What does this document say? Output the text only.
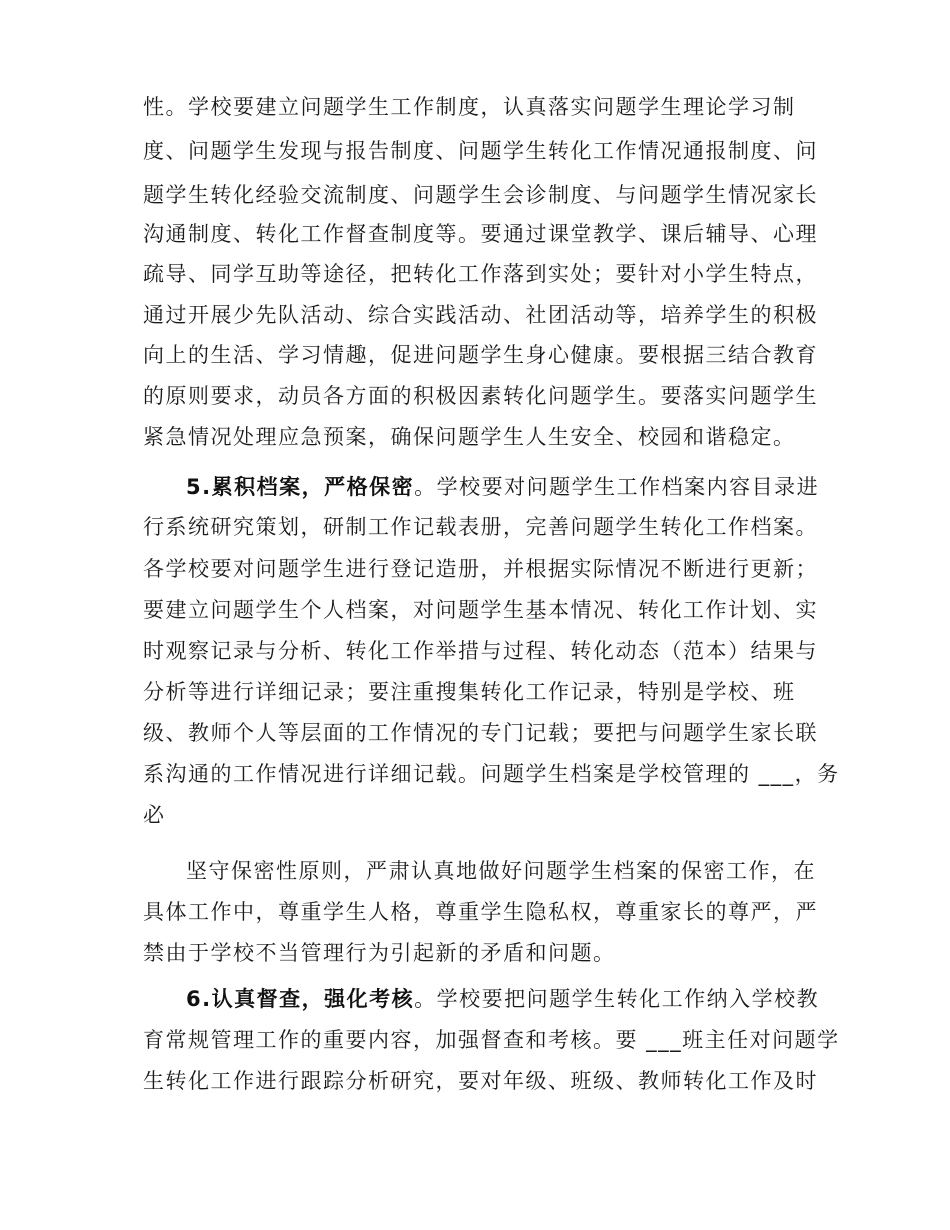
性。学校要建立问题学生工作制度，认真落实问题学生理论学习制
度、问题学生发现与报告制度、问题学生转化工作情况通报制度、问
题学生转化经验交流制度、问题学生会诊制度、与问题学生情况家长
沟通制度、转化工作督查制度等。要通过课堂教学、课后辅导、心理
疏导、同学互助等途径，把转化工作落到实处；要针对小学生特点，
通过开展少先队活动、综合实践活动、社团活动等，培养学生的积极
向上的生活、学习情趣，促进问题学生身心健康。要根据三结合教育
的原则要求，动员各方面的积极因素转化问题学生。要落实问题学生
紧急情况处理应急预案，确保问题学生人生安全、校园和谐稳定。
5.累积档案，严格保密。学校要对问题学生工作档案内容目录进
行系统研究策划，研制工作记载表册，完善问题学生转化工作档案。
各学校要对问题学生进行登记造册，并根据实际情况不断进行更新；
要建立问题学生个人档案，对问题学生基本情况、转化工作计划、实
时观察记录与分析、转化工作举措与过程、转化动态（范本）结果与
分析等进行详细记录；要注重搜集转化工作记录，特别是学校、班
级、教师个人等层面的工作情况的专门记载；要把与问题学生家长联
系沟通的工作情况进行详细记载。问题学生档案是学校管理的 ___，务
必
坚守保密性原则，严肃认真地做好问题学生档案的保密工作，在
具体工作中，尊重学生人格，尊重学生隐私权，尊重家长的尊严，严
禁由于学校不当管理行为引起新的矛盾和问题。
6.认真督查，强化考核。学校要把问题学生转化工作纳入学校教
育常规管理工作的重要内容，加强督查和考核。要 ___班主任对问题学
生转化工作进行跟踪分析研究，要对年级、班级、教师转化工作及时
